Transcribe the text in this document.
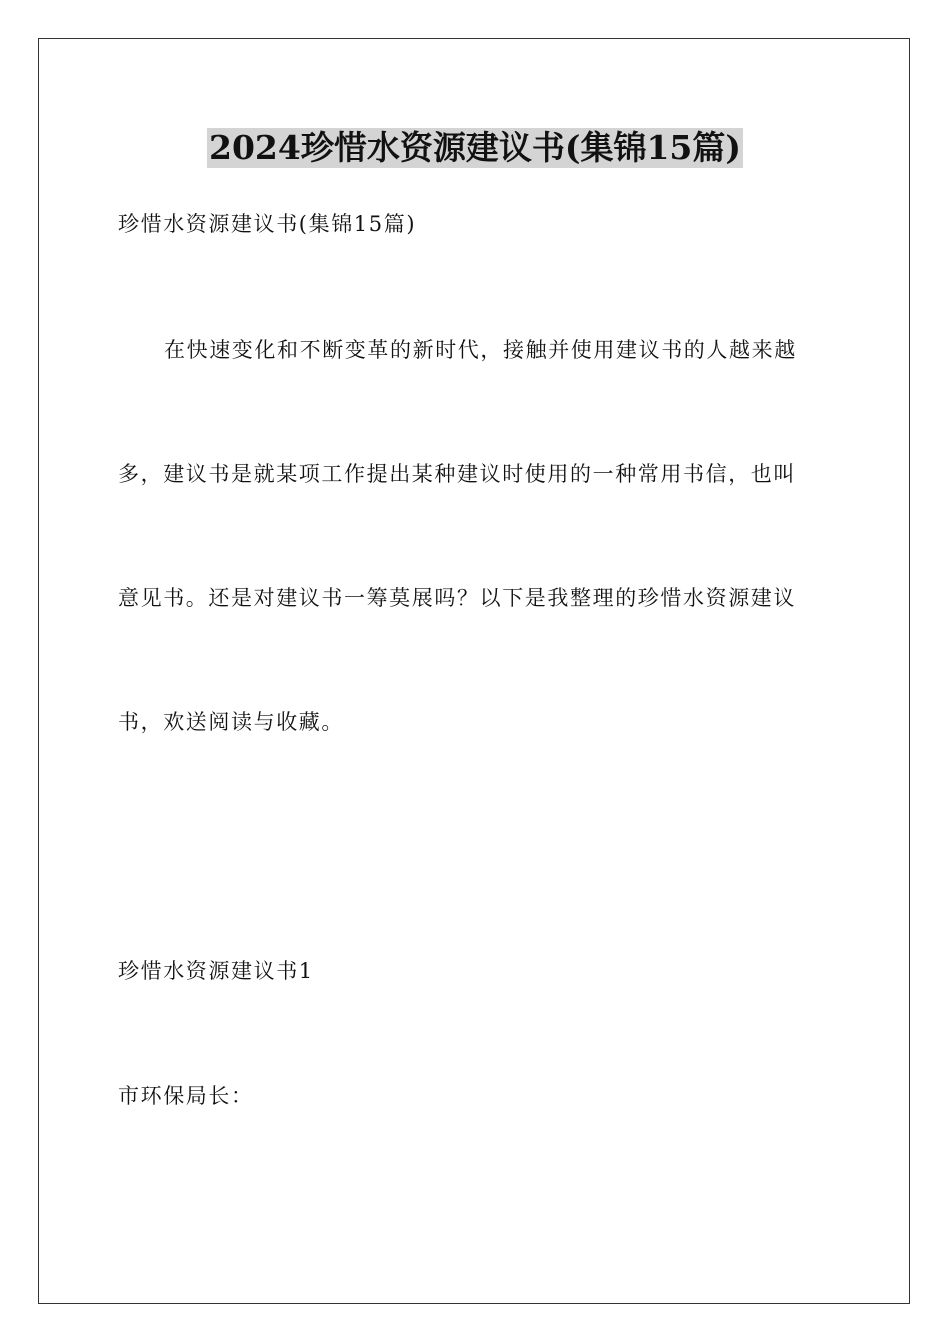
2024珍惜水资源建议书(集锦15篇)
珍惜水资源建议书(集锦15篇)
在快速变化和不断变革的新时代，接触并使用建议书的人越来越
多，建议书是就某项工作提出某种建议时使用的一种常用书信，也叫
意见书。还是对建议书一筹莫展吗？以下是我整理的珍惜水资源建议
书，欢送阅读与收藏。
珍惜水资源建议书1
市环保局长：
